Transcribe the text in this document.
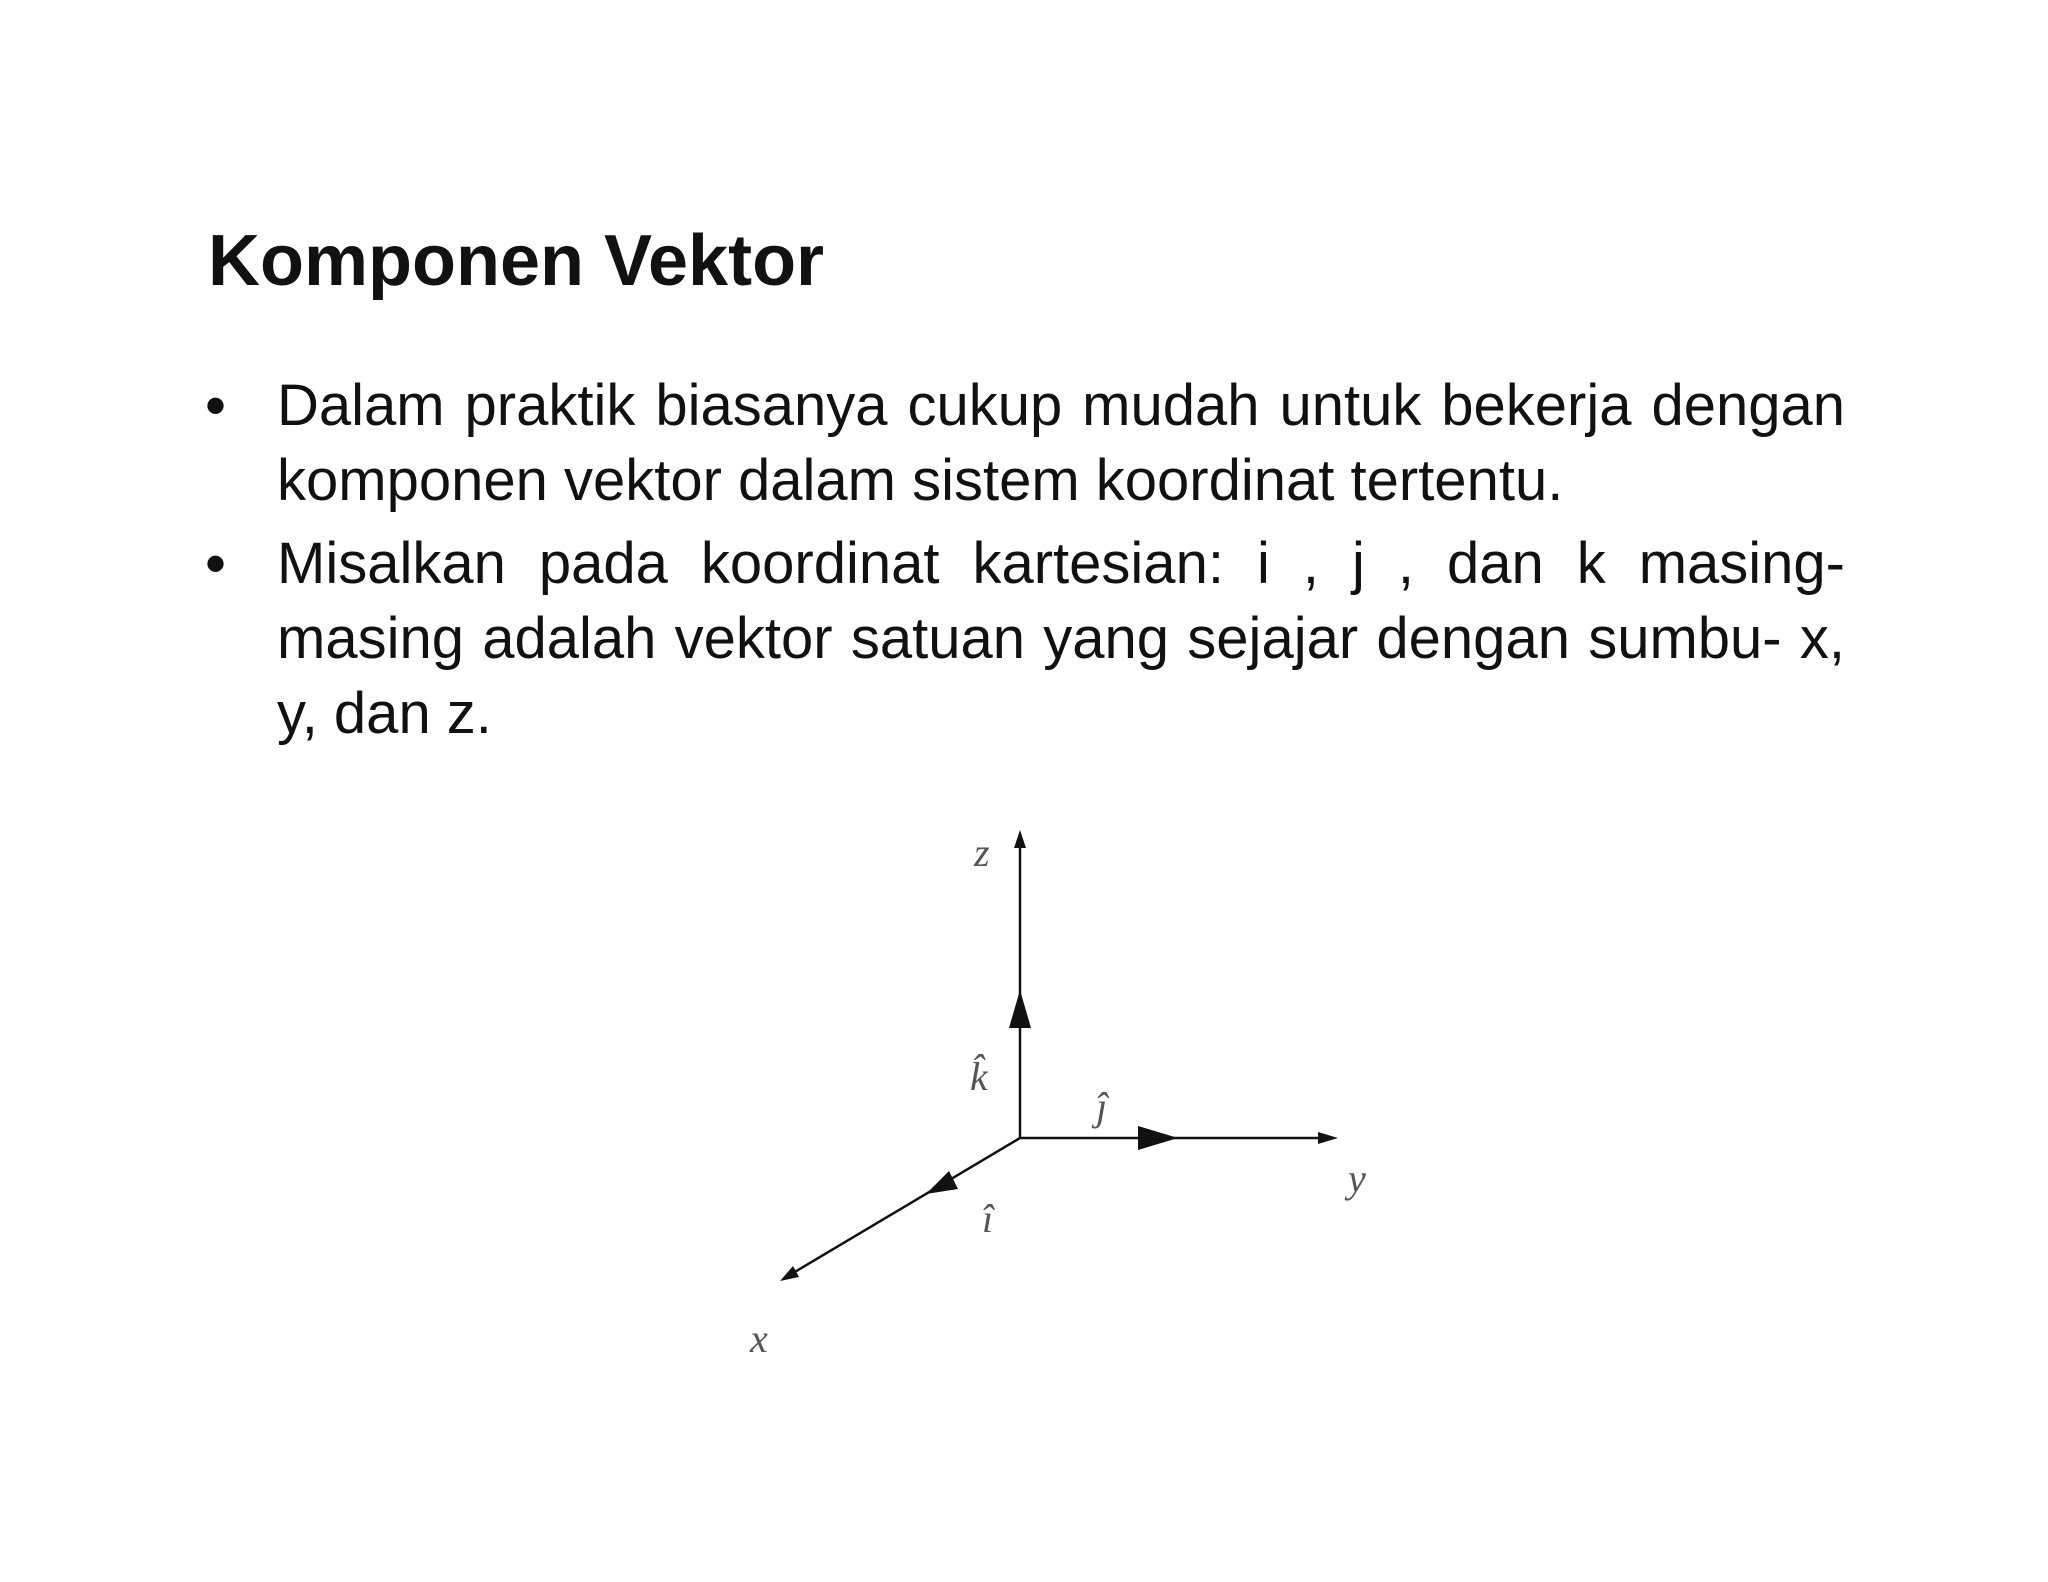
Komponen Vektor
• Dalam praktik biasanya cukup mudah untuk bekerja dengan komponen vektor dalam sistem koordinat tertentu.
• Misalkan pada koordinat kartesian: i , j , dan k masing-masing adalah vektor satuan yang sejajar dengan sumbu- x, y, dan z.
z
y
x
k̂
ĵ
î
